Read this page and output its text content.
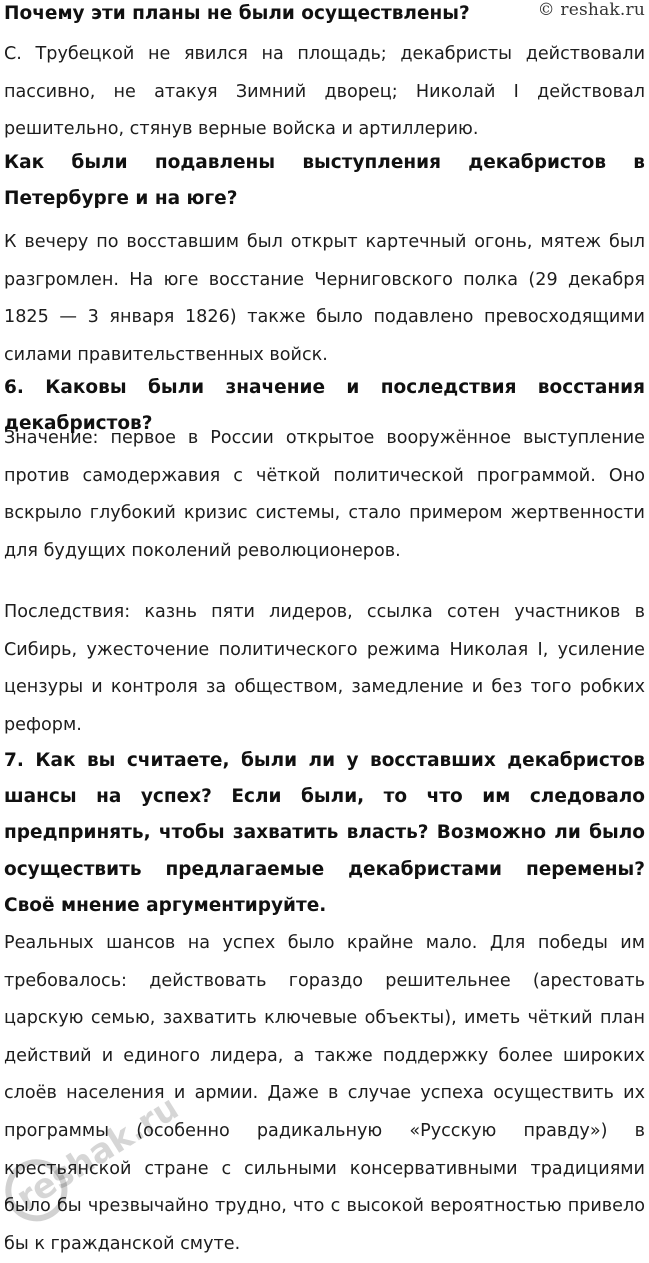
© reshak.ru
Почему эти планы не были осуществлены?
С. Трубецкой не явился на площадь; декабристы действовали пассивно, не атакуя Зимний дворец; Николай I действовал решительно, стянув верные войска и артиллерию.
Как были подавлены выступления декабристов в Петербурге и на юге?
К вечеру по восставшим был открыт картечный огонь, мятеж был разгромлен. На юге восстание Черниговского полка (29 декабря 1825 — 3 января 1826) также было подавлено превосходящими силами правительственных войск.
6. Каковы были значение и последствия восстания декабристов?
Значение: первое в России открытое вооружённое выступление против самодержавия с чёткой политической программой. Оно вскрыло глубокий кризис системы, стало примером жертвенности для будущих поколений революционеров.
Последствия: казнь пяти лидеров, ссылка сотен участников в Сибирь, ужесточение политического режима Николая I, усиление цензуры и контроля за обществом, замедление и без того робких реформ.
7. Как вы считаете, были ли у восставших декабристов шансы на успех? Если были, то что им следовало предпринять, чтобы захватить власть? Возможно ли было осуществить предлагаемые декабристами перемены? Своё мнение аргументируйте.
Реальных шансов на успех было крайне мало. Для победы им требовалось: действовать гораздо решительнее (арестовать царскую семью, захватить ключевые объекты), иметь чёткий план действий и единого лидера, а также поддержку более широких слоёв населения и армии. Даже в случае успеха осуществить их программы (особенно радикальную «Русскую правду») в крестьянской стране с сильными консервативными традициями было бы чрезвычайно трудно, что с высокой вероятностью привело бы к гражданской смуте.
reshak.ru
